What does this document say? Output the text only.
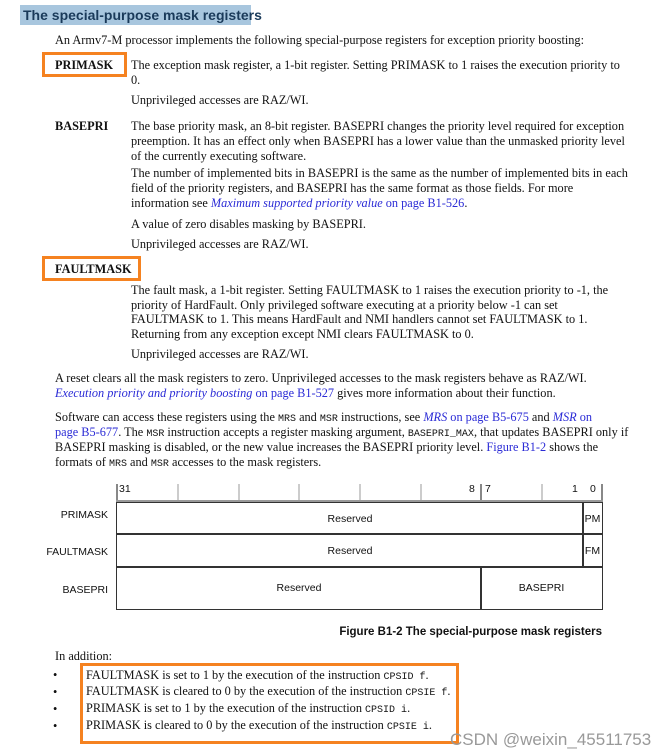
The special-purpose mask registers
An Armv7-M processor implements the following special-purpose registers for exception priority boosting:
PRIMASK The exception mask register, a 1-bit register. Setting PRIMASK to 1 raises the execution priority to
0.
Unprivileged accesses are RAZ/WI.
BASEPRI The base priority mask, an 8-bit register. BASEPRI changes the priority level required for exception
preemption. It has an effect only when BASEPRI has a lower value than the unmasked priority level
of the currently executing software.
The number of implemented bits in BASEPRI is the same as the number of implemented bits in each
field of the priority registers, and BASEPRI has the same format as those fields. For more
information see Maximum supported priority value on page B1-526.
A value of zero disables masking by BASEPRI.
Unprivileged accesses are RAZ/WI.
FAULTMASK
The fault mask, a 1-bit register. Setting FAULTMASK to 1 raises the execution priority to -1, the
priority of HardFault. Only privileged software executing at a priority below -1 can set
FAULTMASK to 1. This means HardFault and NMI handlers cannot set FAULTMASK to 1.
Returning from any exception except NMI clears FAULTMASK to 0.
Unprivileged accesses are RAZ/WI.
A reset clears all the mask registers to zero. Unprivileged accesses to the mask registers behave as RAZ/WI.
Execution priority and priority boosting on page B1-527 gives more information about their function.
Software can access these registers using the MRS and MSR instructions, see MRS on page B5-675 and MSR on
page B5-677. The MSR instruction accepts a register masking argument, BASEPRI_MAX, that updates BASEPRI only if
BASEPRI masking is disabled, or the new value increases the BASEPRI priority level. Figure B1-2 shows the
formats of MRS and MSR accesses to the mask registers.
31	8 7	1 0
PRIMASK	Reserved	PM
FAULTMASK	Reserved	FM
BASEPRI	Reserved	BASEPRI
Figure B1-2 The special-purpose mask registers
In addition:
• FAULTMASK is set to 1 by the execution of the instruction CPSID f.
• FAULTMASK is cleared to 0 by the execution of the instruction CPSIE f.
• PRIMASK is set to 1 by the execution of the instruction CPSID i.
• PRIMASK is cleared to 0 by the execution of the instruction CPSIE i.
CSDN @weixin_45511753
